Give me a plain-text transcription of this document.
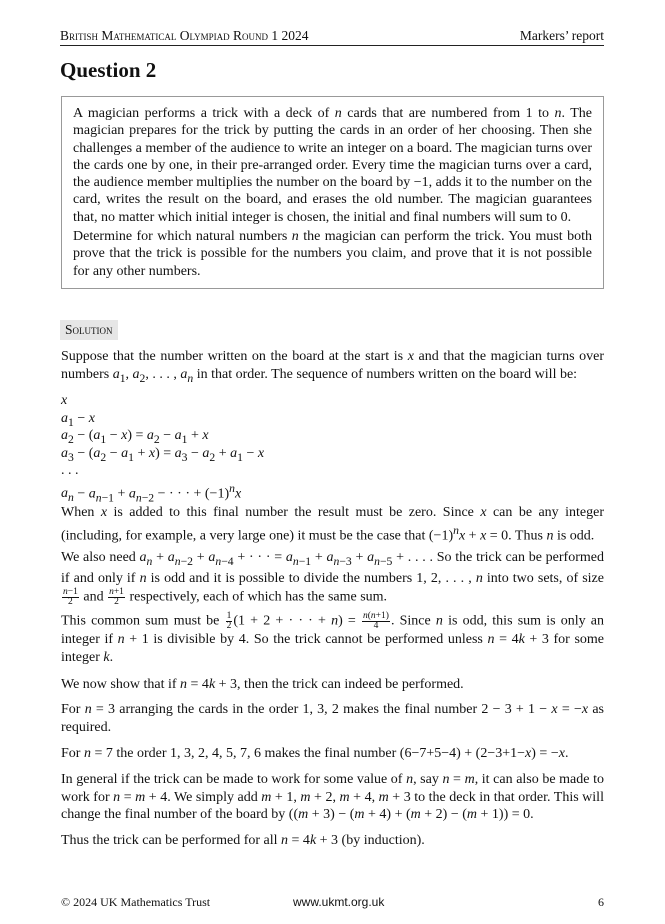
British Mathematical Olympiad Round 1 2024	Markers’ report
Question 2

A magician performs a trick with a deck of n cards that are numbered from 1 to n. The magician prepares for the trick by putting the cards in an order of her choosing. Then she challenges a member of the audience to write an integer on a board. The magician turns over the cards one by one, in their pre-arranged order. Every time the magician turns over a card, the audience member multiplies the number on the board by −1, adds it to the number on the card, writes the result on the board, and erases the old number. The magician guarantees that, no matter which initial integer is chosen, the initial and final numbers will sum to 0.

Determine for which natural numbers n the magician can perform the trick. You must both prove that the trick is possible for the numbers you claim, and prove that it is not possible for any other numbers.

Solution

Suppose that the number written on the board at the start is x and that the magician turns over numbers $a_1$, $a_2$, . . . , $a_n$ in that order. The sequence of numbers written on the board will be:

x
$a_1 - x$
$a_2 - (a_1 - x) = a_2 - a_1 + x$
$a_3 - (a_2 - a_1 + x) = a_3 - a_2 + a_1 - x$
. . .
$a_n - a_{n-1} + a_{n-2}$ − · · · + $(-1)^nx$

When x is added to this final number the result must be zero. Since x can be any integer (including, for example, a very large one) it must be the case that $(-1)^nx + x = 0$. Thus n is odd.

We also need $a_n + a_{n-2} + a_{n-4}$ + · · · = $a_{n-1} + a_{n-3} + a_{n-5}$ + . . . . So the trick can be performed if and only if n is odd and it is possible to divide the numbers 1, 2, . . . , n into two sets, of size
$\frac{n-1}{2}$ and $\frac{n+1}{2}$ respectively, each of which has the same sum.

This common sum must be $\frac{1}{2} (1 + 2$ + · · · + $n) = \frac{n(n+1)}{4}$ . Since n is odd, this sum is only an integer if n + 1 is divisible by 4. So the trick cannot be performed unless n = 4k + 3 for some integer k.

We now show that if n = 4k + 3, then the trick can indeed be performed.

For n = 3 arranging the cards in the order 1, 3, 2 makes the final number 2 − 3 + 1 − x = −x as required.

For n = 7 the order 1, 3, 2, 4, 5, 7, 6 makes the final number (6−7+5−4) + (2−3+1−x) = −x.

In general if the trick can be made to work for some value of n, say n = m, it can also be made to work for n = m + 4. We simply add m + 1, m + 2, m + 4, m + 3 to the deck in that order. This will change the final number of the board by ((m + 3) − (m + 4) + (m + 2) − (m + 1)) = 0.

Thus the trick can be performed for all n = 4k + 3 (by induction).

© 2024 UK Mathematics Trust	www.ukmt.org.uk	6
